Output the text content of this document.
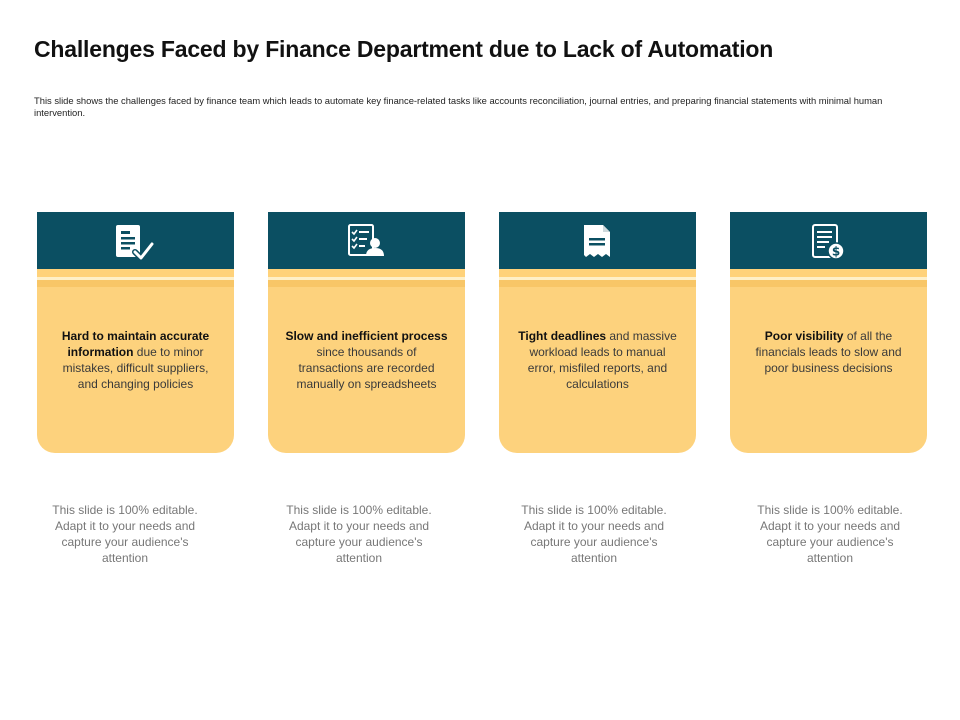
Challenges Faced by Finance Department due to Lack of Automation

This slide shows the challenges faced by finance team which leads to automate key finance-related tasks like accounts reconciliation, journal entries, and preparing financial statements with minimal human intervention.

Hard to maintain accurate information due to minor mistakes, difficult suppliers, and changing policies

Slow and inefficient process since thousands of transactions are recorded manually on spreadsheets

Tight deadlines and massive workload leads to manual error, misfiled reports, and calculations

$

Poor visibility of all the financials leads to slow and poor business decisions

This slide is 100% editable. Adapt it to your needs and capture your audience's attention

This slide is 100% editable. Adapt it to your needs and capture your audience's attention

This slide is 100% editable. Adapt it to your needs and capture your audience's attention

This slide is 100% editable. Adapt it to your needs and capture your audience's attention
